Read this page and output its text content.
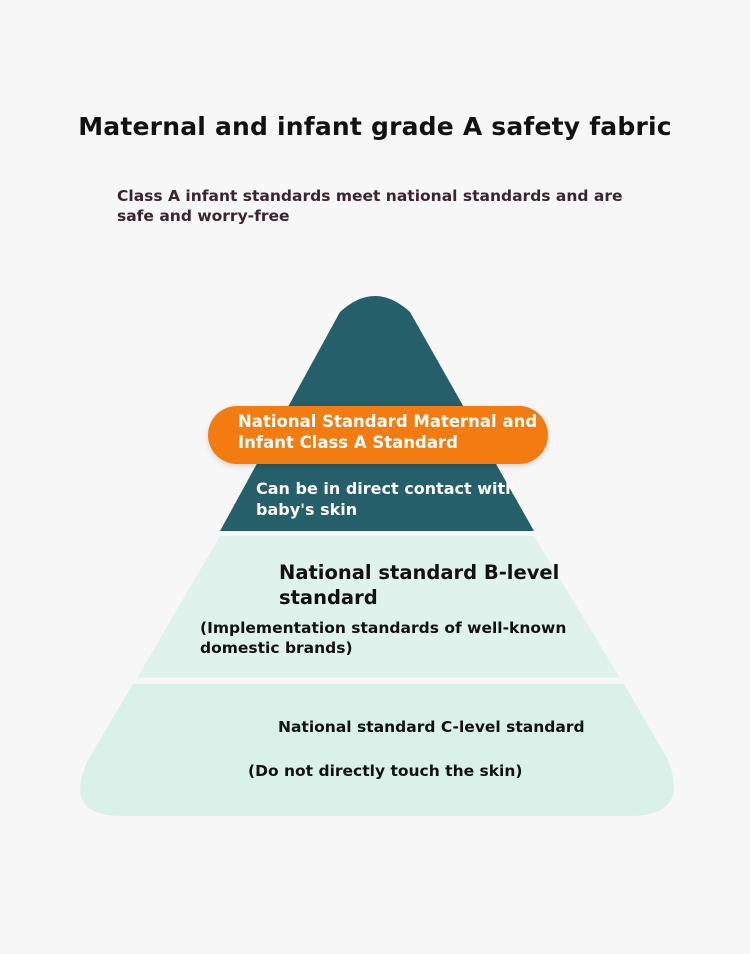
Maternal and infant grade A safety fabric
Class A infant standards meet national standards and are safe and worry-free
National Standard Maternal and
Infant Class A Standard
Can be in direct contact with
baby's skin
National standard B-level
standard
(Implementation standards of well-known
domestic brands)
National standard C-level standard
(Do not directly touch the skin)
